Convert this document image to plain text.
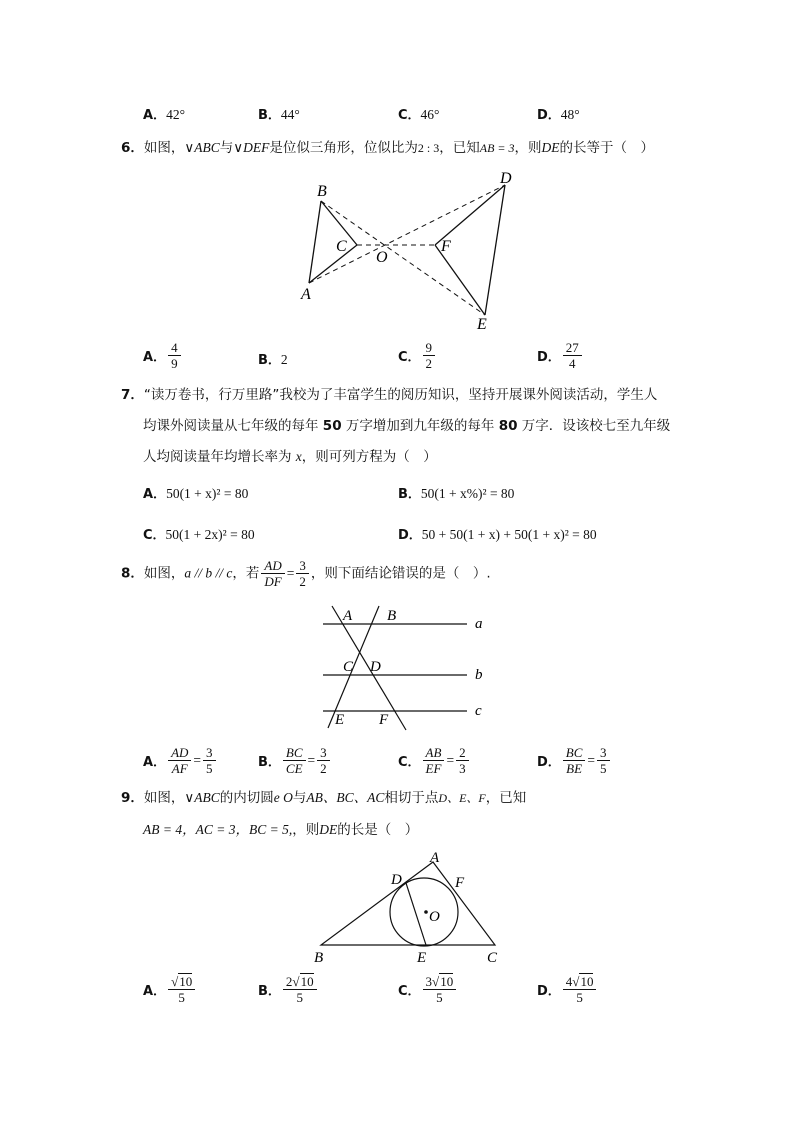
A．42°	B．44°	C．46°	D．48°
6．如图，∨ABC与∨DEF是位似三角形，位似比为2 : 3，已知AB = 3，则DE的长等于（　）
B
C
A
O
F
D
E
A． $\frac{4}{9}$	B．2	C． $\frac{9}{2}$	D． $\frac{27}{4}$
7．“读万卷书，行万里路”我校为了丰富学生的阅历知识，坚持开展课外阅读活动，学生人
均课外阅读量从七年级的每年 50 万字增加到九年级的每年 80 万字．设该校七至九年级
人均阅读量年均增长率为 x，则可列方程为（　）
A．50(1 + x)² = 80	B．50(1 + x%)² = 80
C．50(1 + 2x)² = 80	D．50 + 50(1 + x) + 50(1 + x)² = 80
8．如图，a // b // c，若 $\frac{AD}{DF} = \frac{3}{2}$ ，则下面结论错误的是（　）.
A B
C D
E F
a
b
c
A． $\frac{AD}{AF} = \frac{3}{5}$	B． $\frac{BC}{CE} = \frac{3}{2}$	C． $\frac{AB}{EF} = \frac{2}{3}$	D． $\frac{BC}{BE} = \frac{3}{5}$
9．如图，∨ABC的内切圆e O与AB、BC、AC相切于点D、E、F，已知
AB = 4，AC = 3，BC = 5,，则DE的长是（　）
A
B	C
D
E
F
O
A． $\frac{√10}{5}$	B． $\frac{2√10}{5}$	C． $\frac{3√10}{5}$	D． $\frac{4√10}{5}$
